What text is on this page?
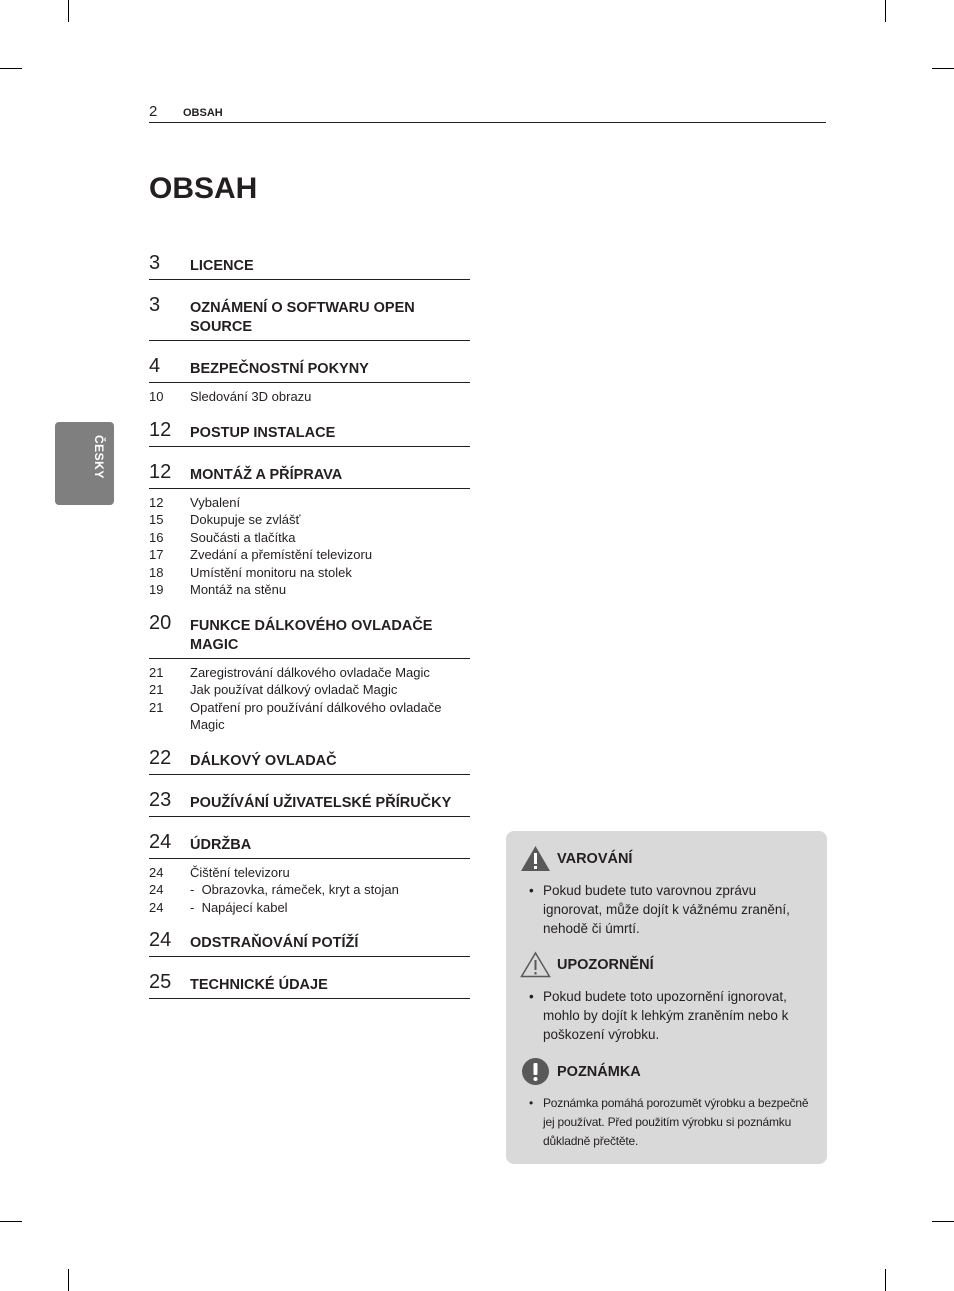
2 OBSAH
OBSAH
ČESKY
3 LICENCE
3 OZNÁMENÍ O SOFTWARU OPEN SOURCE
4 BEZPEČNOSTNÍ POKYNY
10 Sledování 3D obrazu
12 POSTUP INSTALACE
12 MONTÁŽ A PŘÍPRAVA
12 Vybalení
15 Dokupuje se zvlášť
16 Součásti a tlačítka
17 Zvedání a přemístění televizoru
18 Umístění monitoru na stolek
19 Montáž na stěnu
20 FUNKCE DÁLKOVÉHO OVLADAČE MAGIC
21 Zaregistrování dálkového ovladače Magic
21 Jak používat dálkový ovladač Magic
21 Opatření pro používání dálkového ovladače Magic
22 DÁLKOVÝ OVLADAČ
23 POUŽÍVÁNÍ UŽIVATELSKÉ PŘÍRUČKY
24 ÚDRŽBA
24 Čištění televizoru
24	- Obrazovka, rámeček, kryt a stojan
24	- Napájecí kabel
24 ODSTRAŇOVÁNÍ POTÍŽÍ
25 TECHNICKÉ ÚDAJE
VAROVÁNÍ
• Pokud budete tuto varovnou zprávu ignorovat, může dojít k vážnému zranění, nehodě či úmrtí.
UPOZORNĚNÍ
• Pokud budete toto upozornění ignorovat, mohlo by dojít k lehkým zraněním nebo k poškození výrobku.
POZNÁMKA
• Poznámka pomáhá porozumět výrobku a bezpečně jej používat. Před použitím výrobku si poznámku důkladně přečtěte.
